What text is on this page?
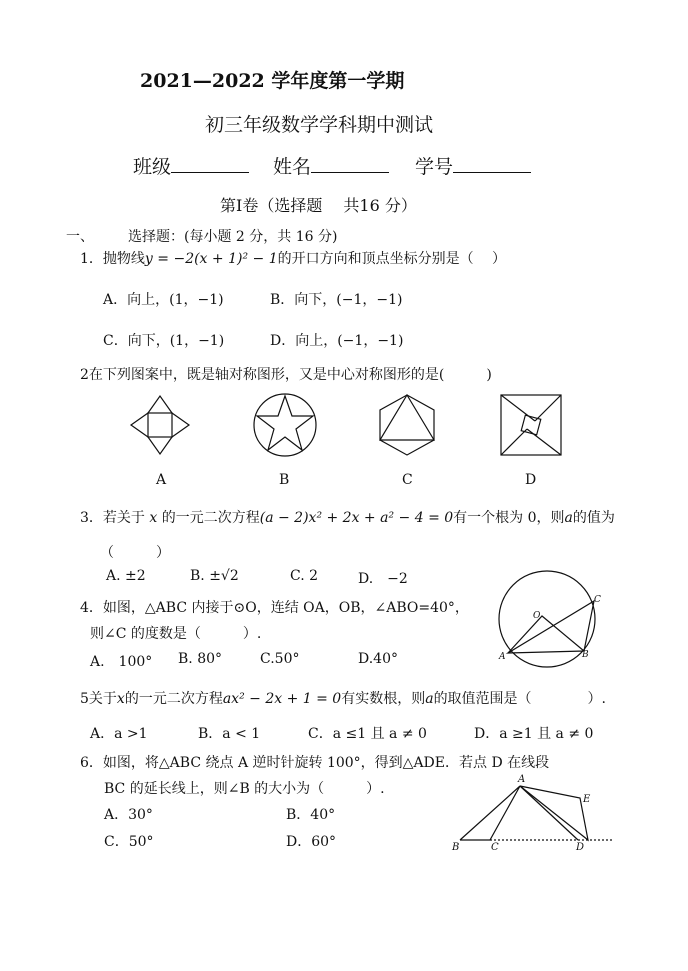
2021—2022 学年度第一学期
初三年级数学学科期中测试
班级	姓名	学号
第Ⅰ卷（选择题　 共16 分）
一、 选择题：(每小题 2 分，共 16 分)
1．抛物线y = −2(x + 1)² − 1的开口方向和顶点坐标分别是（　 ）
A．向上，(1，−1)	B．向下，(−1，−1)
C．向下，(1，−1)	D．向上，(−1，−1)
2在下列图案中，既是轴对称图形，又是中心对称图形的是(　　　)
A	B	C	D
3．若关于 x 的一元二次方程(a − 2)x² + 2x + a² − 4 = 0有一个根为 0，则a的值为
（　　　）
A. ±2	B. ±√2	C. 2	D.　−2
4．如图，△ABC 内接于⊙O，连结 OA，OB，∠ABO=40°，
则∠C 的度数是（　　　）.
A.　100° B. 80°	C.50°	D.40°
O
C
A	B
5关于x的一元二次方程ax² − 2x + 1 = 0有实数根，则a的取值范围是（　　　　）.
A．a >1	B．a < 1	C．a ≤1 且 a ≠ 0	D．a ≥1 且 a ≠ 0
6．如图，将△ABC 绕点 A 逆时针旋转 100°，得到△ADE．若点 D 在线段
BC 的延长线上，则∠B 的大小为（　　　）.
A．30°	B．40°
C．50°	D．60°
A
E
B	C	D
